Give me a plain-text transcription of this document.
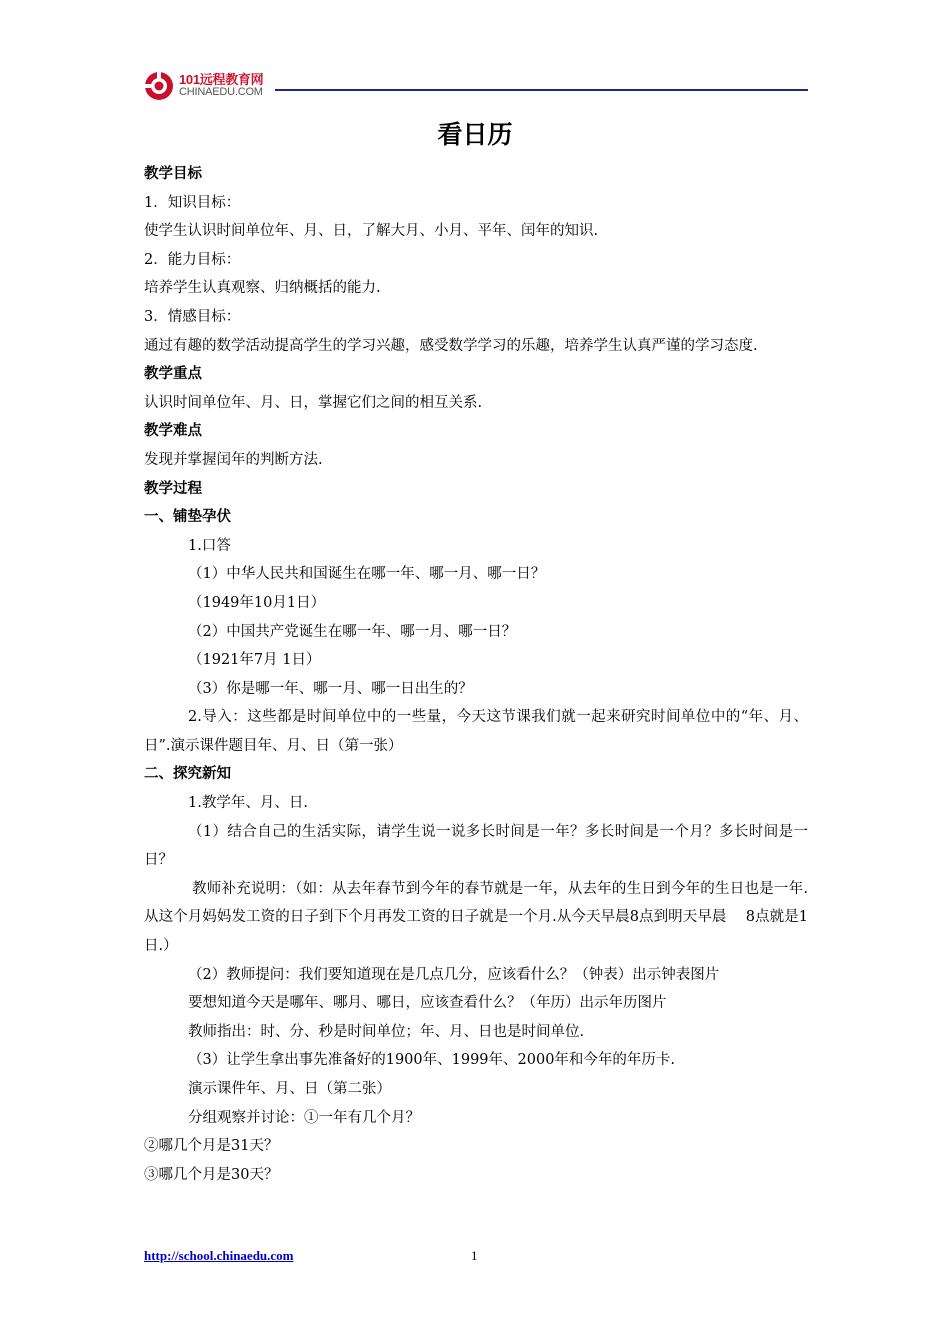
101远程教育网
CHINAEDU.COM
看日历
教学目标
1．知识目标：
使学生认识时间单位年、月、日，了解大月、小月、平年、闰年的知识.
2．能力目标：
培养学生认真观察、归纳概括的能力.
3．情感目标：
通过有趣的数学活动提高学生的学习兴趣，感受数学学习的乐趣，培养学生认真严谨的学习态度.
教学重点
认识时间单位年、月、日，掌握它们之间的相互关系.
教学难点
发现并掌握闰年的判断方法.
教学过程
一、铺垫孕伏
1.口答
（1）中华人民共和国诞生在哪一年、哪一月、哪一日？
（1949年10月1日）
（2）中国共产党诞生在哪一年、哪一月、哪一日？
（1921年7月 1日）
（3）你是哪一年、哪一月、哪一日出生的？
2.导入：这些都是时间单位中的一些量，今天这节课我们就一起来研究时间单位中的“年、月、日”.演示课件题目年、月、日（第一张）
二、探究新知
1.教学年、月、日.
（1）结合自己的生活实际，请学生说一说多长时间是一年？多长时间是一个月？多长时间是一日？
教师补充说明：（如：从去年春节到今年的春节就是一年，从去年的生日到今年的生日也是一年.从这个月妈妈发工资的日子到下个月再发工资的日子就是一个月.从今天早晨8点到明天早晨　 8点就是1日.）
（2）教师提问：我们要知道现在是几点几分，应该看什么？（钟表）出示钟表图片
要想知道今天是哪年、哪月、哪日，应该查看什么？（年历）出示年历图片
教师指出：时、分、秒是时间单位；年、月、日也是时间单位.
（3）让学生拿出事先准备好的1900年、1999年、2000年和今年的年历卡.
演示课件年、月、日（第二张）
分组观察并讨论：①一年有几个月？
②哪几个月是31天？
③哪几个月是30天？
http://school.chinaedu.com	1
